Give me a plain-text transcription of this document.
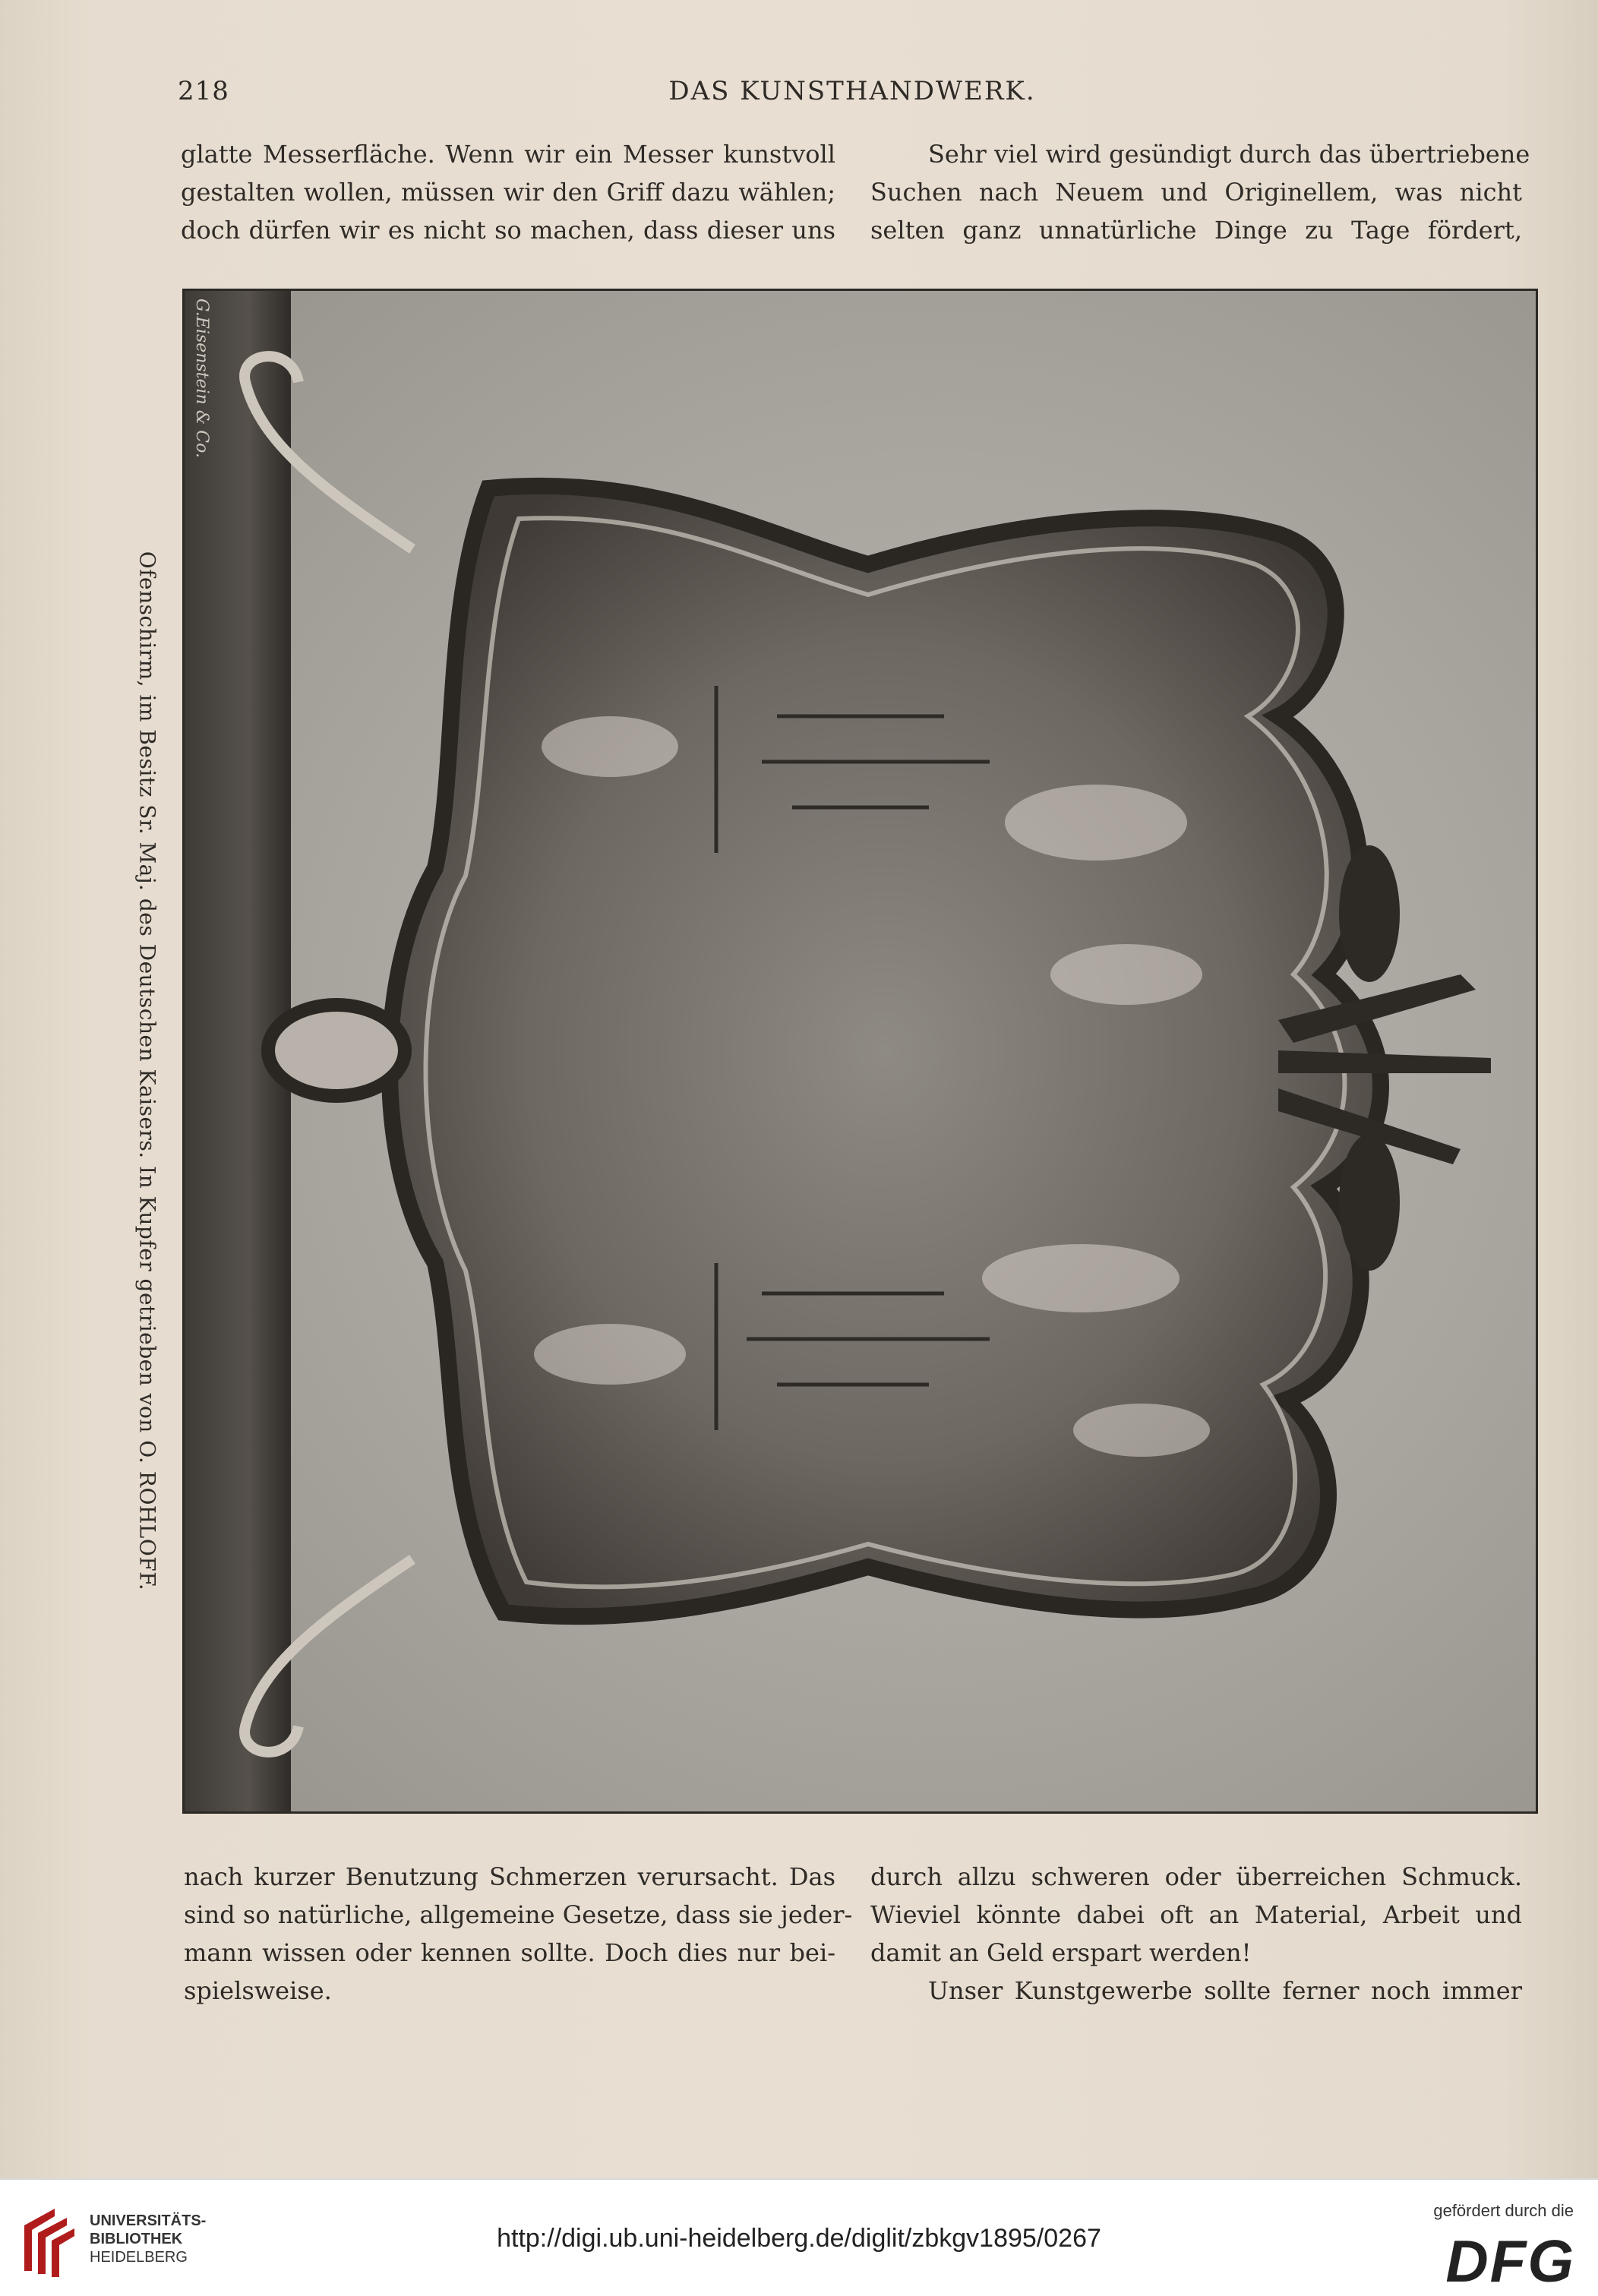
218	DAS KUNSTHANDWERK.
glatte Messerfläche. Wenn wir ein Messer kunstvoll
gestalten wollen, müssen wir den Griff dazu wählen;
doch dürfen wir es nicht so machen, dass dieser uns
Sehr viel wird gesündigt durch das übertriebene
Suchen nach Neuem und Originellem, was nicht
selten ganz unnatürliche Dinge zu Tage fördert,
Ofenschirm, im Besitz Sr. Maj. des Deutschen Kaisers. In Kupfer getrieben von O. ROHLOFF.
G.Eisenstein & Co.
nach kurzer Benutzung Schmerzen verursacht. Das
sind so natürliche, allgemeine Gesetze, dass sie jeder-
mann wissen oder kennen sollte. Doch dies nur bei-
spielsweise.
durch allzu schweren oder überreichen Schmuck.
Wieviel könnte dabei oft an Material, Arbeit und
damit an Geld erspart werden!
Unser Kunstgewerbe sollte ferner noch immer
UNIVERSITÄTS-
BIBLIOTHEK
HEIDELBERG
http://digi.ub.uni-heidelberg.de/diglit/zbkgv1895/0267
gefördert durch die
DFG
